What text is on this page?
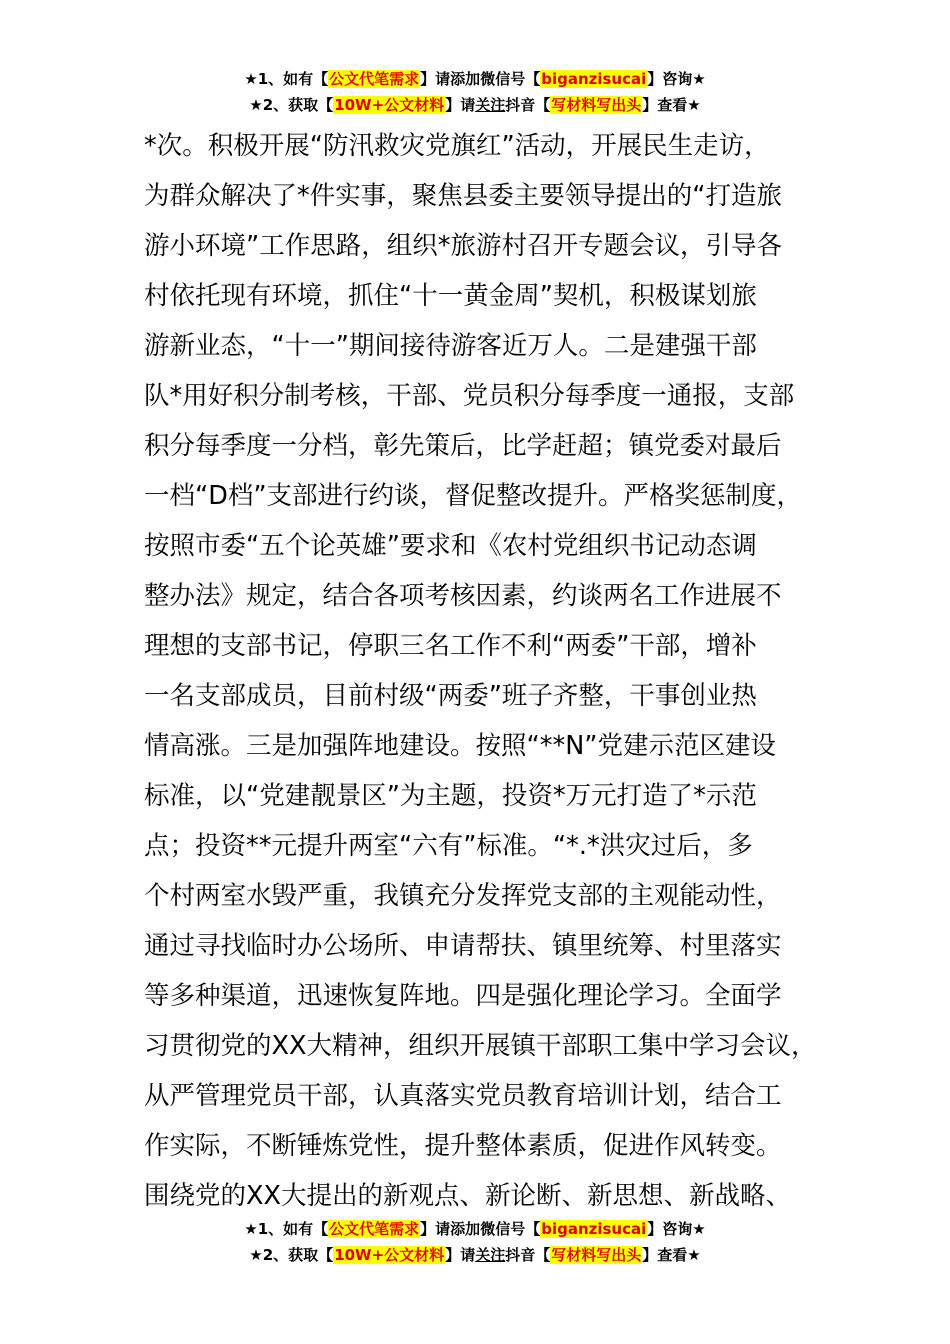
★1、如有【公文代笔需求】请添加微信号【biganzisucai】咨询★
★2、获取【10W+公文材料】请关注抖音【写材料写出头】查看★
*次。积极开展“防汛救灾党旗红”活动，开展民生走访，
为群众解决了*件实事，聚焦县委主要领导提出的“打造旅
游小环境”工作思路，组织*旅游村召开专题会议，引导各
村依托现有环境，抓住“十一黄金周”契机，积极谋划旅
游新业态，“十一”期间接待游客近万人。二是建强干部
队*用好积分制考核，干部、党员积分每季度一通报，支部
积分每季度一分档，彰先策后，比学赶超；镇党委对最后
一档“D档”支部进行约谈，督促整改提升。严格奖惩制度，
按照市委“五个论英雄”要求和《农村党组织书记动态调
整办法》规定，结合各项考核因素，约谈两名工作进展不
理想的支部书记，停职三名工作不利“两委”干部，增补
一名支部成员，目前村级“两委”班子齐整，干事创业热
情高涨。三是加强阵地建设。按照“**N”党建示范区建设
标准，以“党建靓景区”为主题，投资*万元打造了*示范
点；投资**元提升两室“六有”标准。“*.*洪灾过后，多
个村两室水毁严重，我镇充分发挥党支部的主观能动性，
通过寻找临时办公场所、申请帮扶、镇里统筹、村里落实
等多种渠道，迅速恢复阵地。四是强化理论学习。全面学
习贯彻党的XX大精神，组织开展镇干部职工集中学习会议，
从严管理党员干部，认真落实党员教育培训计划，结合工
作实际，不断锤炼党性，提升整体素质，促进作风转变。
围绕党的XX大提出的新观点、新论断、新思想、新战略、
★1、如有【公文代笔需求】请添加微信号【biganzisucai】咨询★
★2、获取【10W+公文材料】请关注抖音【写材料写出头】查看★
